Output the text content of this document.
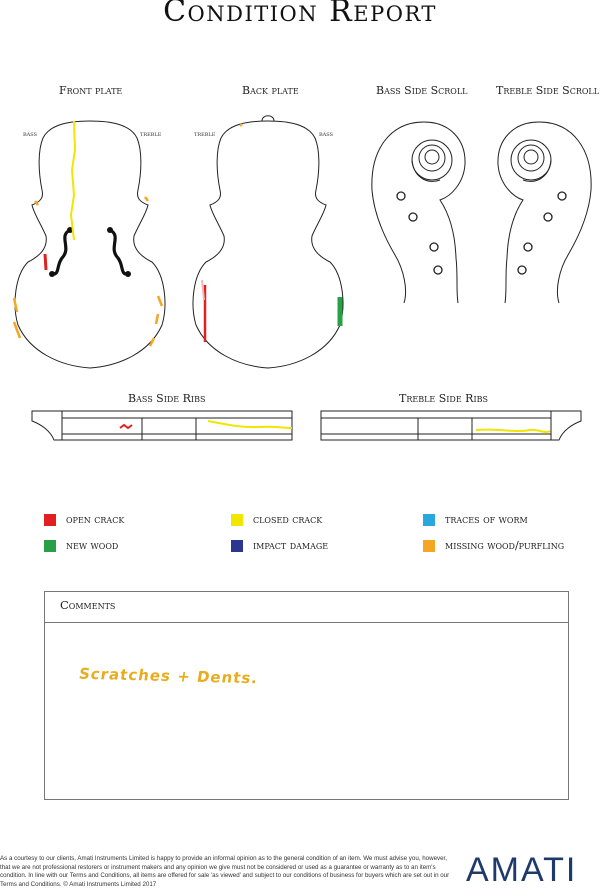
Condition Report
Front plate	Back plate	Bass Side Scroll	Treble Side Scroll
bass	treble	treble	bass
Bass Side Ribs	Treble Side Ribs
open crack	closed crack	traces of worm
new wood	impact damage	missing wood/purfling
Comments
Scratches + Dents.
As a courtesy to our clients, Amati Instruments Limited is happy to provide an informal opinion as to the general condition of an item. We must advise you, however, that we are not professional restorers or instrument makers and any opinion we give must not be considered or used as a guarantee or warranty as to an item's condition. In line with our Terms and Conditions, all items are offered for sale 'as viewed' and subject to our conditions of business for buyers which are set out in our Terms and Conditions. © Amati Instruments Limited 2017	AMATI
